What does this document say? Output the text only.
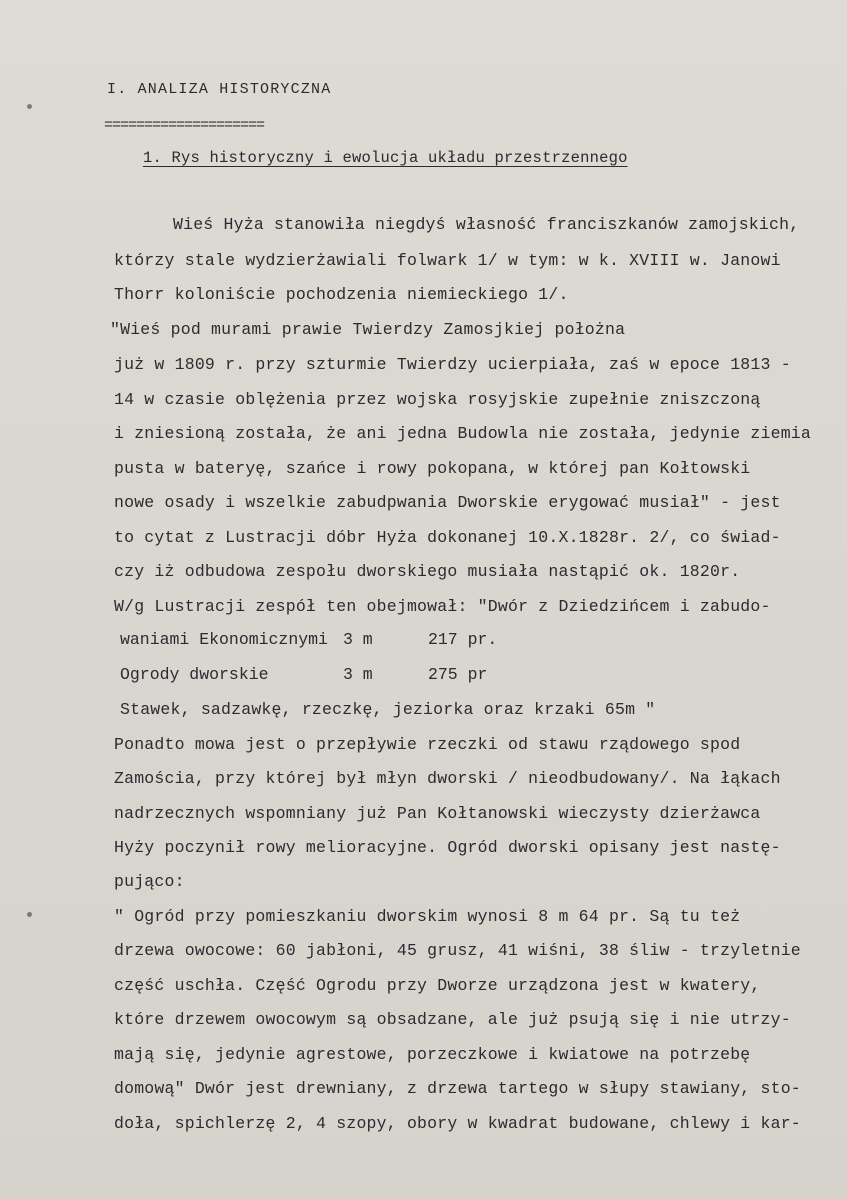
I. ANALIZA HISTORYCZNA
====================
1. Rys historyczny i ewolucja układu przestrzennego
Wieś Hyża stanowiła niegdyś własność franciszkanów zamojskich,
którzy stale wydzierżawiali folwark 1/ w tym: w k. XVIII w. Janowi
Thorr koloniście pochodzenia niemieckiego 1/.
"Wieś pod murami prawie Twierdzy Zamosjkiej położna
już w 1809 r. przy szturmie Twierdzy ucierpiała, zaś w epoce 1813 -
14 w czasie oblężenia przez wojska rosyjskie zupełnie zniszczoną
i zniesioną została, że ani jedna Budowla nie została, jedynie ziemia
pusta w bateryę, szańce i rowy pokopana, w której pan Kołtowski
nowe osady i wszelkie zabudpwania Dworskie erygować musiał" - jest
to cytat z Lustracji dóbr Hyża dokonanej 10.X.1828r. 2/, co świad-
czy iż odbudowa zespołu dworskiego musiała nastąpić ok. 1820r.
W/g Lustracji zespół ten obejmował: "Dwór z Dziedzińcem i zabudo-
waniami Ekonomicznymi 3 m	217 pr.
Ogrody dworskie	3 m	275 pr
Stawek, sadzawkę, rzeczkę, jeziorka oraz krzaki 65m "
Ponadto mowa jest o przepływie rzeczki od stawu rządowego spod
Zamościa, przy której był młyn dworski / nieodbudowany/. Na łąkach
nadrzecznych wspomniany już Pan Kołtanowski wieczysty dzierżawca
Hyży poczynił rowy melioracyjne. Ogród dworski opisany jest nastę-
pująco:
" Ogród przy pomieszkaniu dworskim wynosi 8 m 64 pr. Są tu też
drzewa owocowe: 60 jabłoni, 45 grusz, 41 wiśni, 38 śliw - trzyletnie
część uschła. Część Ogrodu przy Dworze urządzona jest w kwatery,
które drzewem owocowym są obsadzane, ale już psują się i nie utrzy-
mają się, jedynie agrestowe, porzeczkowe i kwiatowe na potrzebę
domową" Dwór jest drewniany, z drzewa tartego w słupy stawiany, sto-
doła, spichlerzę 2, 4 szopy, obory w kwadrat budowane, chlewy i kar-
